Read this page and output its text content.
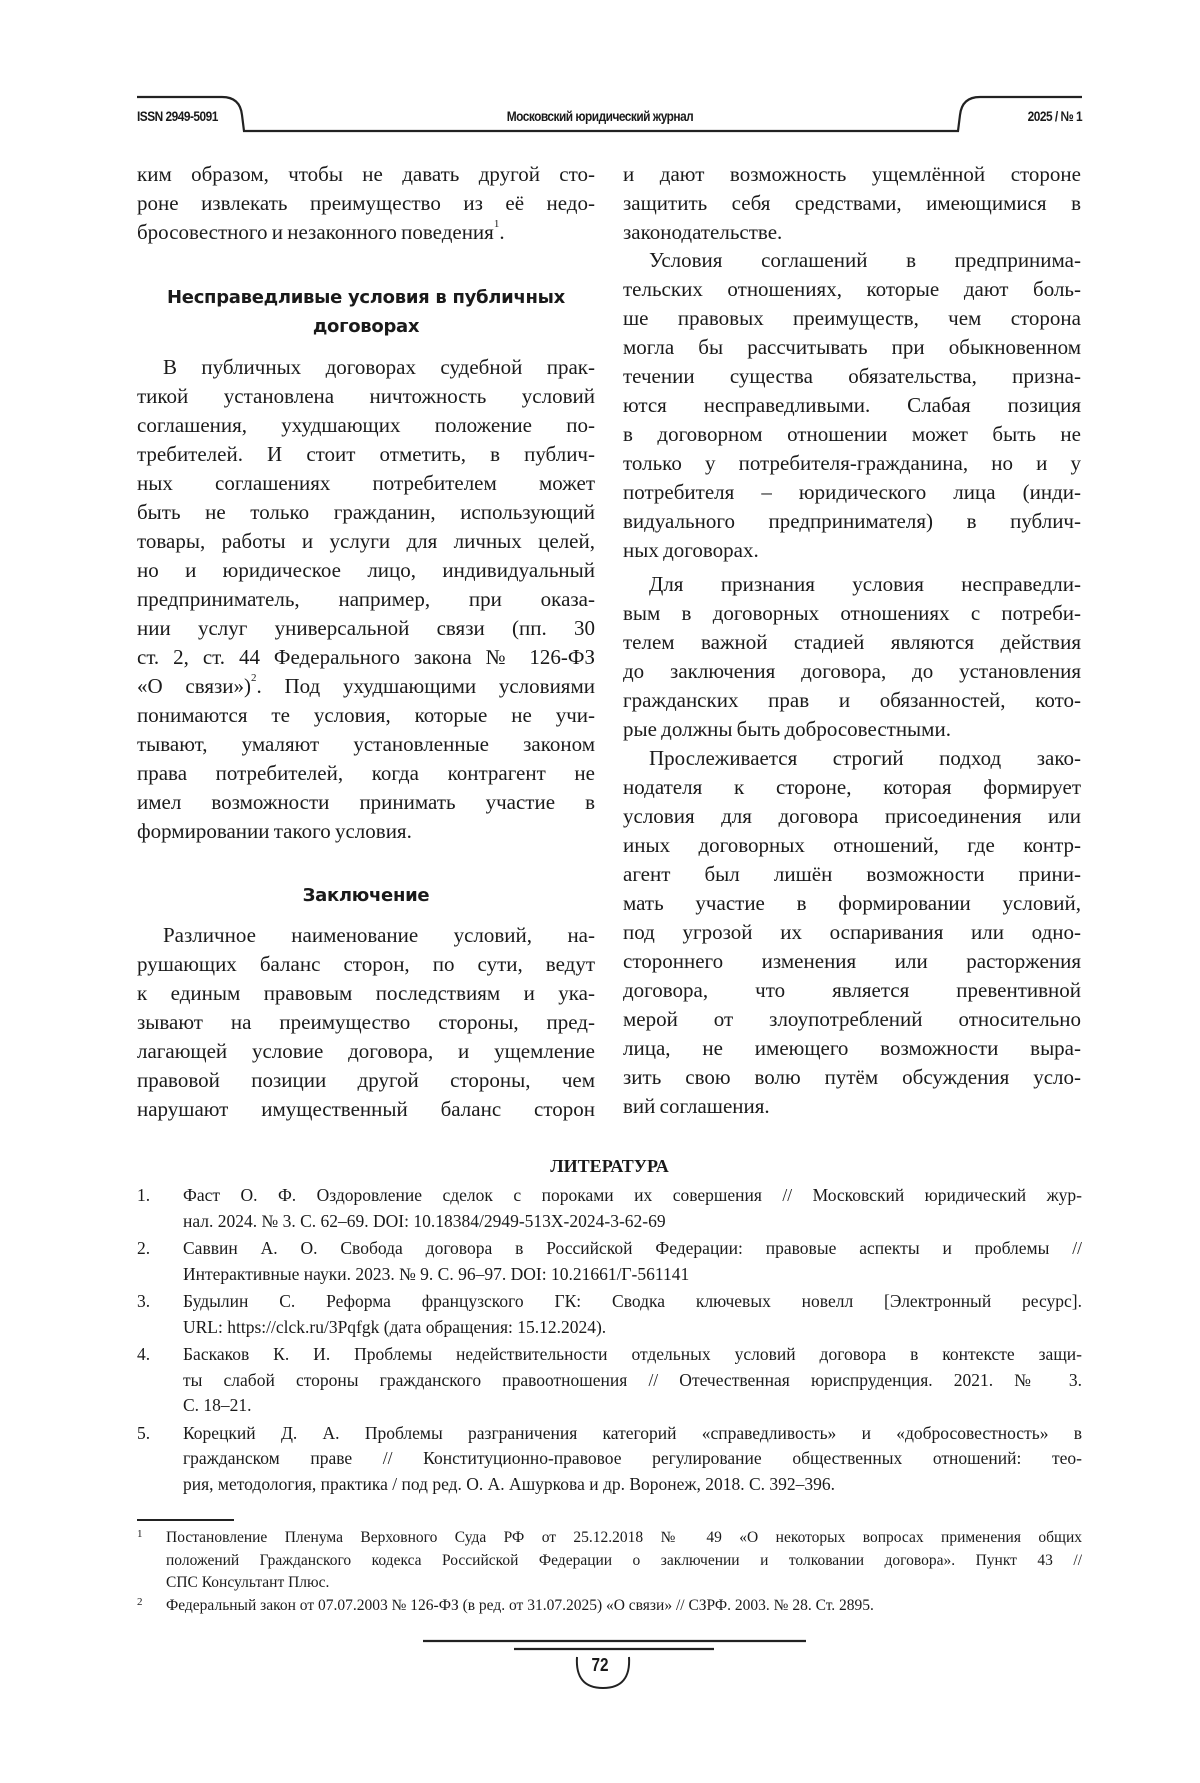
ISSN 2949-5091	Московский юридический журнал	2025 / № 1
ким образом, чтобы не давать другой сто-
роне извлекать преимущество из её недо-
бросовестного и незаконного поведения1.
Несправедливые условия в публичных
договорах
В публичных договорах судебной прак-
тикой установлена ничтожность условий
соглашения, ухудшающих положение по-
требителей. И стоит отметить, в публич-
ных соглашениях потребителем может
быть не только гражданин, использующий
товары, работы и услуги для личных целей,
но и юридическое лицо, индивидуальный
предприниматель, например, при оказа-
нии услуг универсальной связи (пп. 30
ст. 2, ст. 44 Федерального закона № 126-ФЗ
«О связи»)2. Под ухудшающими условиями
понимаются те условия, которые не учи-
тывают, умаляют установленные законом
права потребителей, когда контрагент не
имел возможности принимать участие в
формировании такого условия.
Заключение
Различное наименование условий, на-
рушающих баланс сторон, по сути, ведут
к единым правовым последствиям и ука-
зывают на преимущество стороны, пред-
лагающей условие договора, и ущемление
правовой позиции другой стороны, чем
нарушают имущественный баланс сторон
и дают возможность ущемлённой стороне
защитить себя средствами, имеющимися в
законодательстве.
Условия соглашений в предпринима-
тельских отношениях, которые дают боль-
ше правовых преимуществ, чем сторона
могла бы рассчитывать при обыкновенном
течении существа обязательства, призна-
ются несправедливыми. Слабая позиция
в договорном отношении может быть не
только у потребителя-гражданина, но и у
потребителя – юридического лица (инди-
видуального предпринимателя) в публич-
ных договорах.
Для признания условия несправедли-
вым в договорных отношениях с потреби-
телем важной стадией являются действия
до заключения договора, до установления
гражданских прав и обязанностей, кото-
рые должны быть добросовестными.
Прослеживается строгий подход зако-
нодателя к стороне, которая формирует
условия для договора присоединения или
иных договорных отношений, где контр-
агент был лишён возможности прини-
мать участие в формировании условий,
под угрозой их оспаривания или одно-
стороннего изменения или расторжения
договора, что является превентивной
мерой от злоупотреблений относительно
лица, не имеющего возможности выра-
зить свою волю путём обсуждения усло-
вий соглашения.
ЛИТЕРАТУРА
1. Фаст О. Ф. Оздоровление сделок с пороками их совершения // Московский юридический жур-
нал. 2024. № 3. С. 62–69. DOI: 10.18384/2949-513X-2024-3-62-69
2. Саввин А. О. Свобода договора в Российской Федерации: правовые аспекты и проблемы //
Интерактивные науки. 2023. № 9. С. 96–97. DOI: 10.21661/Г-561141
3. Будылин С. Реформа французского ГК: Сводка ключевых новелл [Электронный ресурс].
URL: https://clck.ru/3Pqfgk (дата обращения: 15.12.2024).
4. Баскаков К. И. Проблемы недействительности отдельных условий договора в контексте защи-
ты слабой стороны гражданского правоотношения // Отечественная юриспруденция. 2021. № 3.
С. 18–21.
5. Корецкий Д. А. Проблемы разграничения категорий «справедливость» и «добросовестность» в
гражданском праве // Конституционно-правовое регулирование общественных отношений: тео-
рия, методология, практика / под ред. О. А. Ашуркова и др. Воронеж, 2018. С. 392–396.
1 Постановление Пленума Верховного Суда РФ от 25.12.2018 № 49 «О некоторых вопросах применения общих
положений Гражданского кодекса Российской Федерации о заключении и толковании договора». Пункт 43 //
СПС Консультант Плюс.
2 Федеральный закон от 07.07.2003 № 126-ФЗ (в ред. от 31.07.2025) «О связи» // СЗРФ. 2003. № 28. Ст. 2895.
72
